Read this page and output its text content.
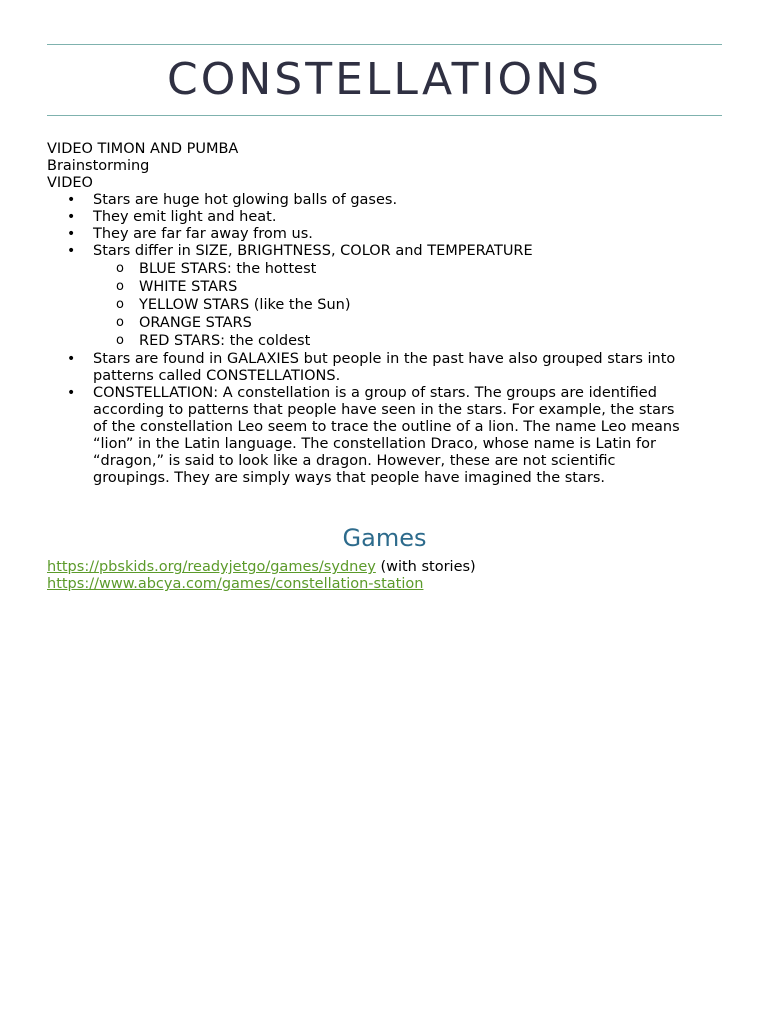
CONSTELLATIONS
VIDEO TIMON AND PUMBA
Brainstorming
VIDEO
• Stars are huge hot glowing balls of gases.
• They emit light and heat.
• They are far far away from us.
• Stars differ in SIZE, BRIGHTNESS, COLOR and TEMPERATURE
o BLUE STARS: the hottest
o WHITE STARS
o YELLOW STARS (like the Sun)
o ORANGE STARS
o RED STARS: the coldest
• Stars are found in GALAXIES but people in the past have also grouped stars into
patterns called CONSTELLATIONS.
• CONSTELLATION: A constellation is a group of stars. The groups are identified
according to patterns that people have seen in the stars. For example, the stars
of the constellation Leo seem to trace the outline of a lion. The name Leo means
“lion” in the Latin language. The constellation Draco, whose name is Latin for
“dragon,” is said to look like a dragon. However, these are not scientific
groupings. They are simply ways that people have imagined the stars.
Games
https://pbskids.org/readyjetgo/games/sydney (with stories)
https://www.abcya.com/games/constellation-station
